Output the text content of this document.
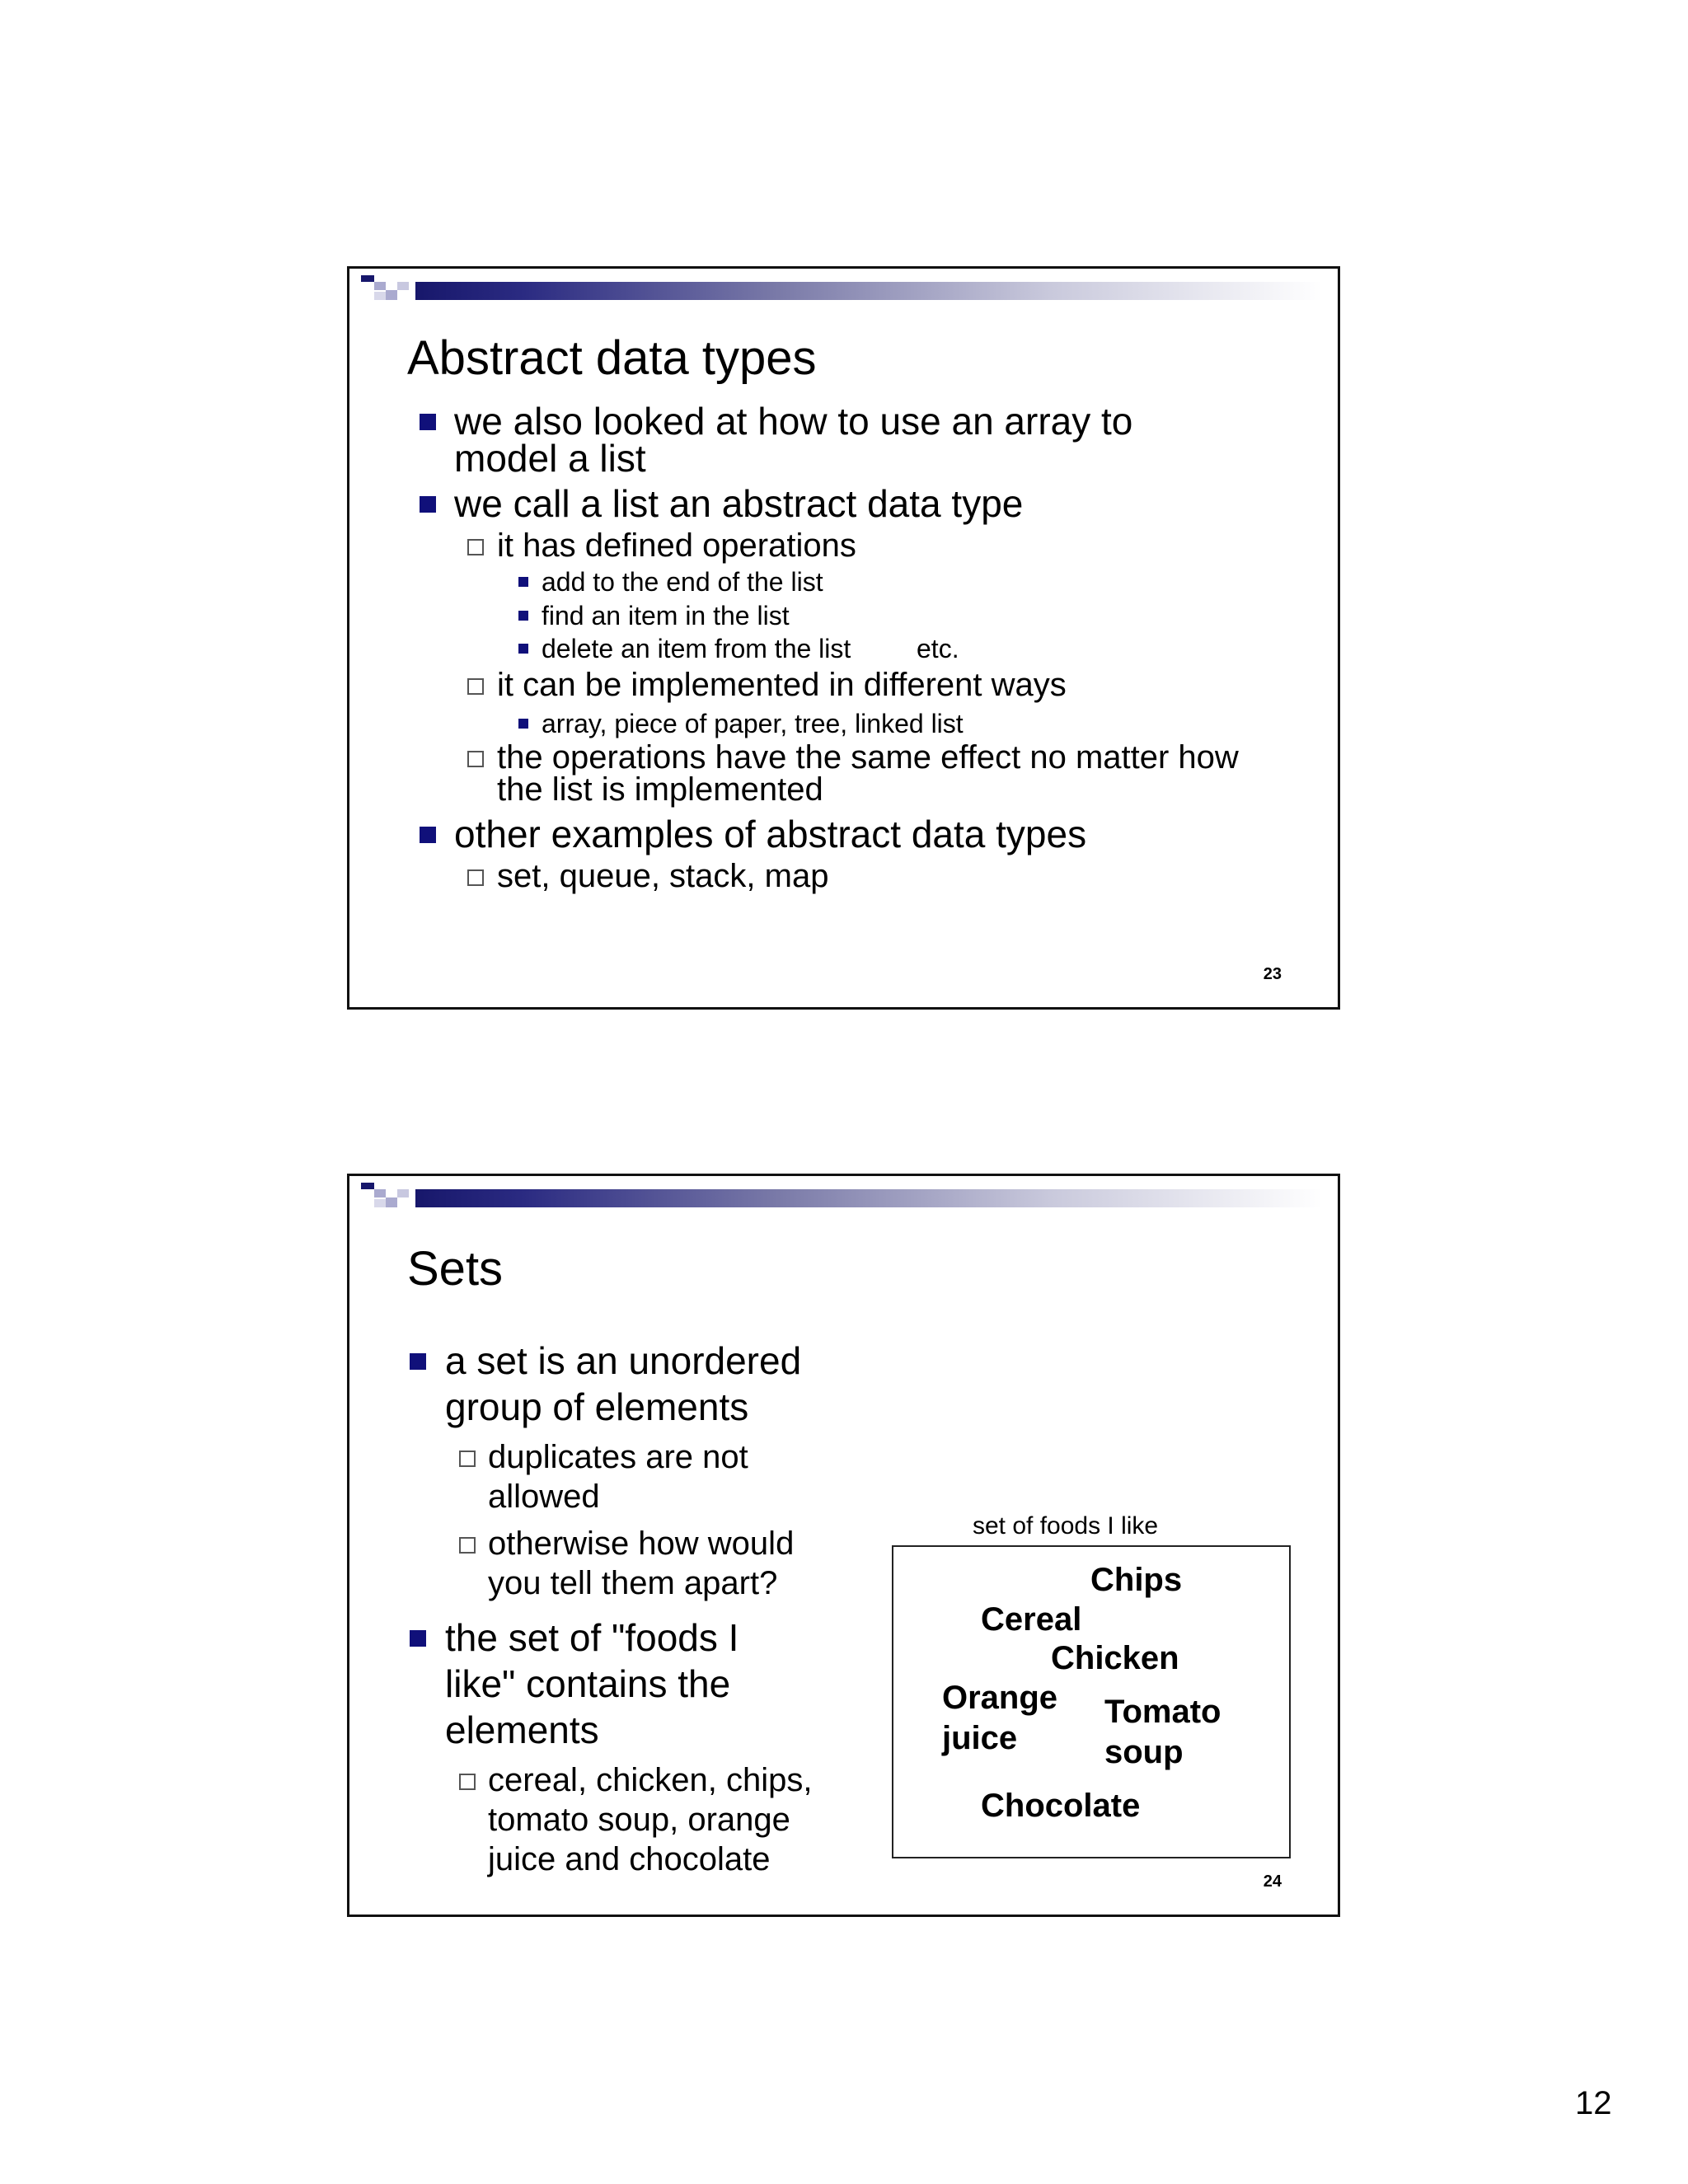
Abstract data types
we also looked at how to use an array to
model a list
we call a list an abstract data type
it has defined operations
add to the end of the list
find an item in the list
delete an item from the list etc.
it can be implemented in different ways
array, piece of paper, tree, linked list
the operations have the same effect no matter how
the list is implemented
other examples of abstract data types
set, queue, stack, map
23
Sets
a set is an unordered
group of elements
duplicates are not
allowed
otherwise how would
you tell them apart?
the set of "foods I
like" contains the
elements
cereal, chicken, chips,
tomato soup, orange
juice and chocolate
set of foods I like
Chips
Cereal
Chicken
Orange
juice
Tomato
soup
Chocolate
24
12
